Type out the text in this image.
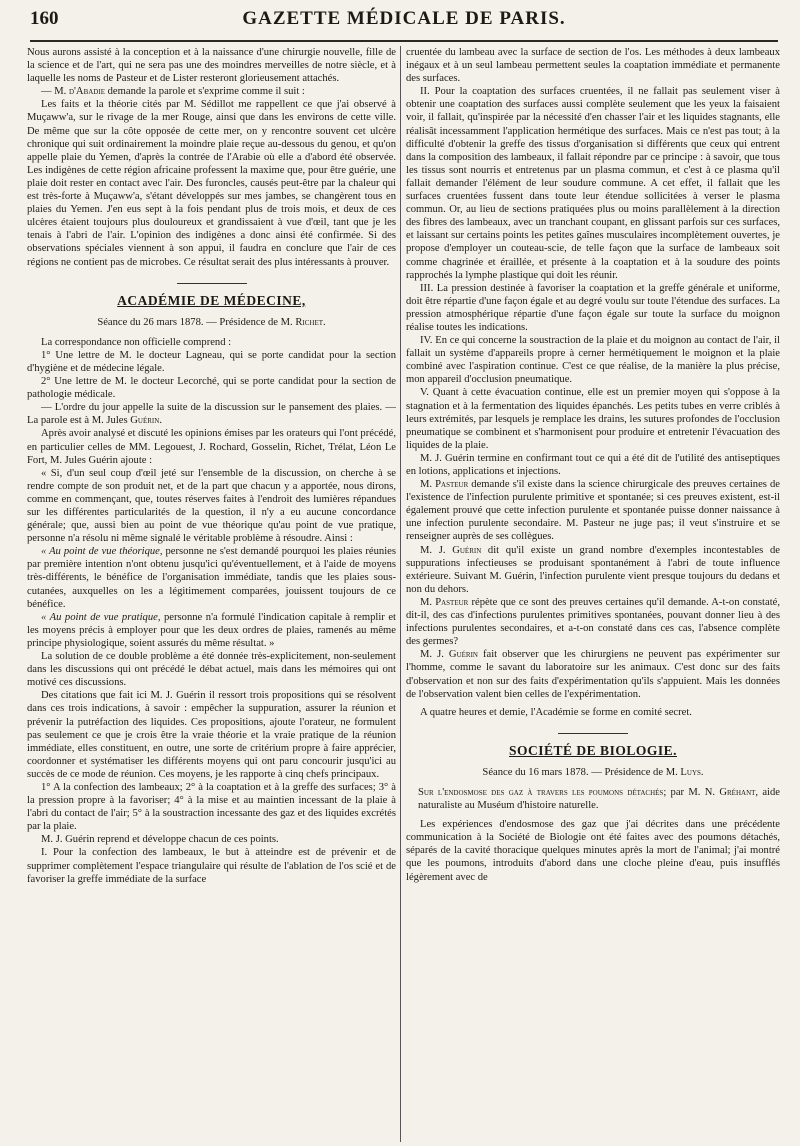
160	GAZETTE MÉDICALE DE PARIS.

Nous aurons assisté à la conception et à la naissance d'une chirurgie nouvelle, fille de la science et de l'art, qui ne sera pas une des moindres merveilles de notre siècle, et à laquelle les noms de Pasteur et de Lister resteront glorieusement attachés.

— M. d'Abadie demande la parole et s'exprime comme il suit :

Les faits et la théorie cités par M. Sédillot me rappellent ce que j'ai observé à Muçaww'a, sur le rivage de la mer Rouge, ainsi que dans les environs de cette ville. De même que sur la côte opposée de cette mer, on y rencontre souvent cet ulcère chronique qui suit ordinairement la moindre plaie reçue au-dessous du genou, et qu'on appelle plaie du Yemen, d'après la contrée de l'Arabie où elle a d'abord été observée. Les indigènes de cette région africaine professent la maxime que, pour être guérie, une plaie doit rester en contact avec l'air. Des furoncles, causés peut-être par la chaleur qui est très-forte à Muçaww'a, s'étant développés sur mes jambes, se changèrent tous en plaies du Yemen. J'en eus sept à la fois pendant plus de trois mois, et deux de ces ulcères étaient toujours plus douloureux et grandissaient à vue d'œil, tant que je les tenais à l'abri de l'air. L'opinion des indigènes a donc ainsi été confirmée. Si des observations spéciales viennent à son appui, il faudra en conclure que l'air de ces régions ne contient pas de microbes. Ce résultat serait des plus intéressants à prouver.

ACADÉMIE DE MÉDECINE,
Séance du 26 mars 1878. — Présidence de M. Richet.

La correspondance non officielle comprend :

1° Une lettre de M. le docteur Lagneau, qui se porte candidat pour la section d'hygiène et de médecine légale.

2° Une lettre de M. le docteur Lecorché, qui se porte candidat pour la section de pathologie médicale.

— L'ordre du jour appelle la suite de la discussion sur le pansement des plaies. — La parole est à M. Jules Guérin.

Après avoir analysé et discuté les opinions émises par les orateurs qui l'ont précédé, en particulier celles de MM. Legouest, J. Rochard, Gosselin, Richet, Trélat, Léon Le Fort, M. Jules Guérin ajoute :

« Si, d'un seul coup d'œil jeté sur l'ensemble de la discussion, on cherche à se rendre compte de son produit net, et de la part que chacun y a apportée, nous dirons, comme en commençant, que, toutes réserves faites à l'endroit des lumières répandues sur les différentes particularités de la question, il n'y a eu aucune concordance générale; que, aussi bien au point de vue théorique qu'au point de vue pratique, personne n'a résolu ni même signalé le véritable problème à résoudre. Ainsi :

« Au point de vue théorique, personne ne s'est demandé pourquoi les plaies réunies par première intention n'ont obtenu jusqu'ici qu'éventuellement, et à l'aide de moyens très-différents, le bénéfice de l'organisation immédiate, tandis que les plaies sous-cutanées, auxquelles on les a légitimement comparées, jouissent toujours de ce bénéfice.

« Au point de vue pratique, personne n'a formulé l'indication capitale à remplir et les moyens précis à employer pour que les deux ordres de plaies, ramenés au même principe physiologique, soient assurés du même résultat. »

La solution de ce double problème a été donnée très-explicitement, non-seulement dans les discussions qui ont précédé le débat actuel, mais dans les mémoires qui ont motivé ces discussions.

Des citations que fait ici M. J. Guérin il ressort trois propositions qui se résolvent dans ces trois indications, à savoir : empêcher la suppuration, assurer la réunion et prévenir la putréfaction des liquides. Ces propositions, ajoute l'orateur, ne formulent pas seulement ce que je crois être la vraie théorie et la vraie pratique de la réunion immédiate, elles constituent, en outre, une sorte de critérium propre à faire apprécier, coordonner et systématiser les différents moyens qui ont paru concourir jusqu'ici au succès de ce mode de réunion. Ces moyens, je les rapporte à cinq chefs principaux.

1° A la confection des lambeaux; 2° à la coaptation et à la greffe des surfaces; 3° à la pression propre à la favoriser; 4° à la mise et au maintien incessant de la plaie à l'abri du contact de l'air; 5° à la soustraction incessante des gaz et des liquides excrétés par la plaie.

M. J. Guérin reprend et développe chacun de ces points.

I. Pour la confection des lambeaux, le but à atteindre est de prévenir et de supprimer complètement l'espace triangulaire qui résulte de l'ablation de l'os scié et de favoriser la greffe immédiate de la surface

cruentée du lambeau avec la surface de section de l'os. Les méthodes à deux lambeaux inégaux et à un seul lambeau permettent seules la coaptation immédiate et permanente des surfaces.

II. Pour la coaptation des surfaces cruentées, il ne fallait pas seulement viser à obtenir une coaptation des surfaces aussi complète seulement que les yeux la faisaient voir, il fallait, qu'inspirée par la nécessité d'en chasser l'air et les liquides stagnants, elle réalisât incessamment l'application hermétique des surfaces. Mais ce n'est pas tout; à la difficulté d'obtenir la greffe des tissus d'organisation si différents que ceux qui entrent dans la composition des lambeaux, il fallait répondre par ce principe : à savoir, que tous les tissus sont nourris et entretenus par un plasma commun, et c'est à ce plasma qu'il fallait demander l'élément de leur soudure commune. A cet effet, il fallait que les surfaces cruentées fussent dans toute leur étendue sollicitées à verser le plasma commun. Or, au lieu de sections pratiquées plus ou moins parallèlement à la direction des fibres des lambeaux, avec un tranchant coupant, en glissant parfois sur ces surfaces, et laissant sur certains points les petites gaînes musculaires incomplètement ouvertes, je propose d'employer un couteau-scie, de telle façon que la surface de lambeaux soit comme chagrinée et éraillée, et présente à la coaptation et à la soudure des points rapprochés la lymphe plastique qui doit les réunir.

III. La pression destinée à favoriser la coaptation et la greffe générale et uniforme, doit être répartie d'une façon égale et au degré voulu sur toute l'étendue des surfaces. La pression atmosphérique répartie d'une façon égale sur toute la surface du moignon réalise toutes les indications.

IV. En ce qui concerne la soustraction de la plaie et du moignon au contact de l'air, il fallait un système d'appareils propre à cerner hermétiquement le moignon et la plaie combiné avec l'aspiration continue. C'est ce que réalise, de la manière la plus précise, mon appareil d'occlusion pneumatique.

V. Quant à cette évacuation continue, elle est un premier moyen qui s'oppose à la stagnation et à la fermentation des liquides épanchés. Les petits tubes en verre criblés à leurs extrémités, par lesquels je remplace les drains, les sutures profondes de l'occlusion pneumatique se combinent et s'harmonisent pour produire et entretenir l'évacuation des liquides de la plaie.

M. J. Guérin termine en confirmant tout ce qui a été dit de l'utilité des antiseptiques en lotions, applications et injections.

M. Pasteur demande s'il existe dans la science chirurgicale des preuves certaines de l'existence de l'infection purulente primitive et spontanée; si ces preuves existent, est-il également prouvé que cette infection purulente et spontanée puisse donner naissance à une infection purulente secondaire. M. Pasteur ne juge pas; il veut s'instruire et se renseigner auprès de ses collègues.

M. J. Guérin dit qu'il existe un grand nombre d'exemples incontestables de suppurations infectieuses se produisant spontanément à l'abri de toute influence extérieure. Suivant M. Guérin, l'infection purulente vient presque toujours du dedans et non du dehors.

M. Pasteur répète que ce sont des preuves certaines qu'il demande. A-t-on constaté, dit-il, des cas d'infections purulentes primitives spontanées, pouvant donner lieu à des infections purulentes secondaires, et a-t-on constaté dans ces cas, l'absence complète des germes?

M. J. Guérin fait observer que les chirurgiens ne peuvent pas expérimenter sur l'homme, comme le savant du laboratoire sur les animaux. C'est donc sur des faits d'observation et non sur des faits d'expérimentation qu'ils s'appuient. Mais les données de l'observation valent bien celles de l'expérimentation.

A quatre heures et demie, l'Académie se forme en comité secret.

SOCIÉTÉ DE BIOLOGIE.
Séance du 16 mars 1878. — Présidence de M. Luys.

Sur l'endosmose des gaz à travers les poumons détachés; par M. N. Gréhant, aide naturaliste au Muséum d'histoire naturelle.

Les expériences d'endosmose des gaz que j'ai décrites dans une précédente communication à la Société de Biologie ont été faites avec des poumons détachés, séparés de la cavité thoracique quelques minutes après la mort de l'animal; j'ai montré que les poumons, introduits d'abord dans une cloche pleine d'eau, puis insufflés légèrement avec de
